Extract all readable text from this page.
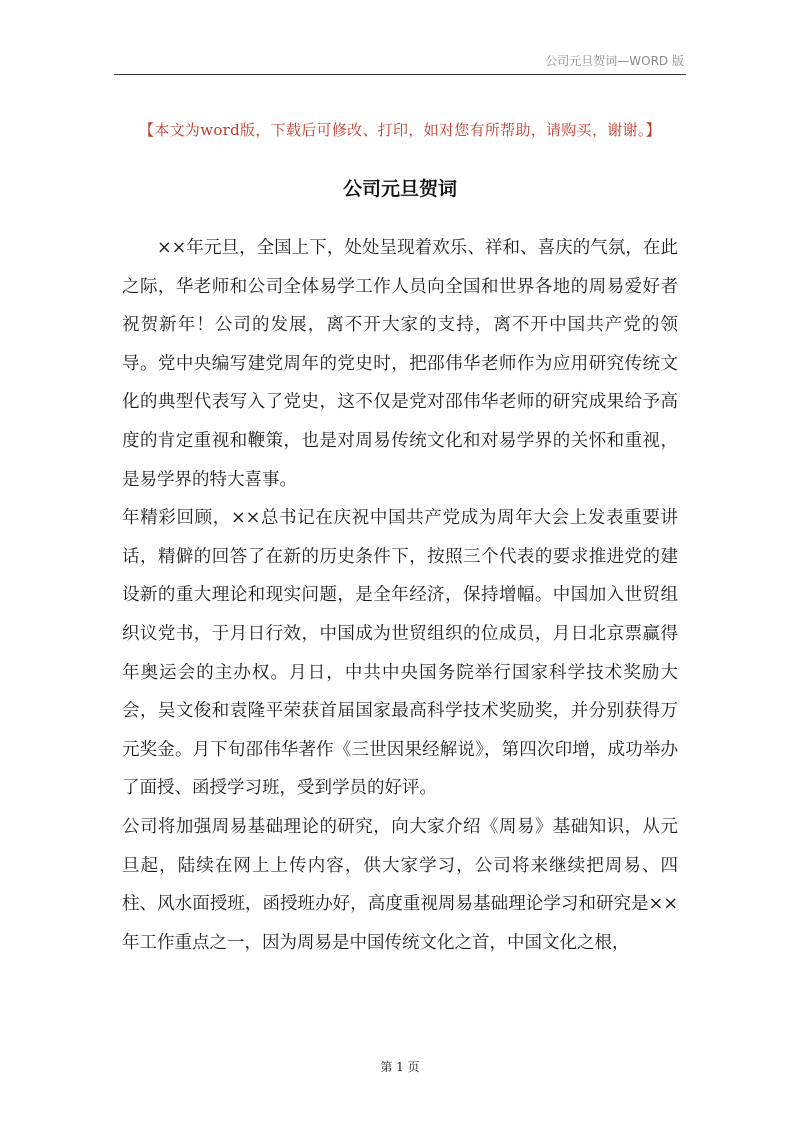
公司元旦贺词—WORD 版
【本文为word版，下载后可修改、打印，如对您有所帮助，请购买，谢谢。】
公司元旦贺词

××年元旦，全国上下，处处呈现着欢乐、祥和、喜庆的气氛，在此之际，华老师和公司全体易学工作人员向全国和世界各地的周易爱好者祝贺新年！公司的发展，离不开大家的支持，离不开中国共产党的领导。党中央编写建党周年的党史时，把邵伟华老师作为应用研究传统文化的典型代表写入了党史，这不仅是党对邵伟华老师的研究成果给予高度的肯定重视和鞭策，也是对周易传统文化和对易学界的关怀和重视，是易学界的特大喜事。

年精彩回顾，××总书记在庆祝中国共产党成为周年大会上发表重要讲话，精僻的回答了在新的历史条件下，按照三个代表的要求推进党的建设新的重大理论和现实问题，是全年经济，保持增幅。中国加入世贸组织议党书，于月日行效，中国成为世贸组织的位成员，月日北京票赢得年奥运会的主办权。月日，中共中央国务院举行国家科学技术奖励大会，吴文俊和袁隆平荣获首届国家最高科学技术奖励奖，并分别获得万元奖金。月下旬邵伟华著作《三世因果经解说》，第四次印增，成功举办了面授、函授学习班，受到学员的好评。

公司将加强周易基础理论的研究，向大家介绍《周易》基础知识，从元旦起，陆续在网上上传内容，供大家学习，公司将来继续把周易、四柱、风水面授班，函授班办好，高度重视周易基础理论学习和研究是××年工作重点之一，因为周易是中国传统文化之首，中国文化之根，

第 1 页
